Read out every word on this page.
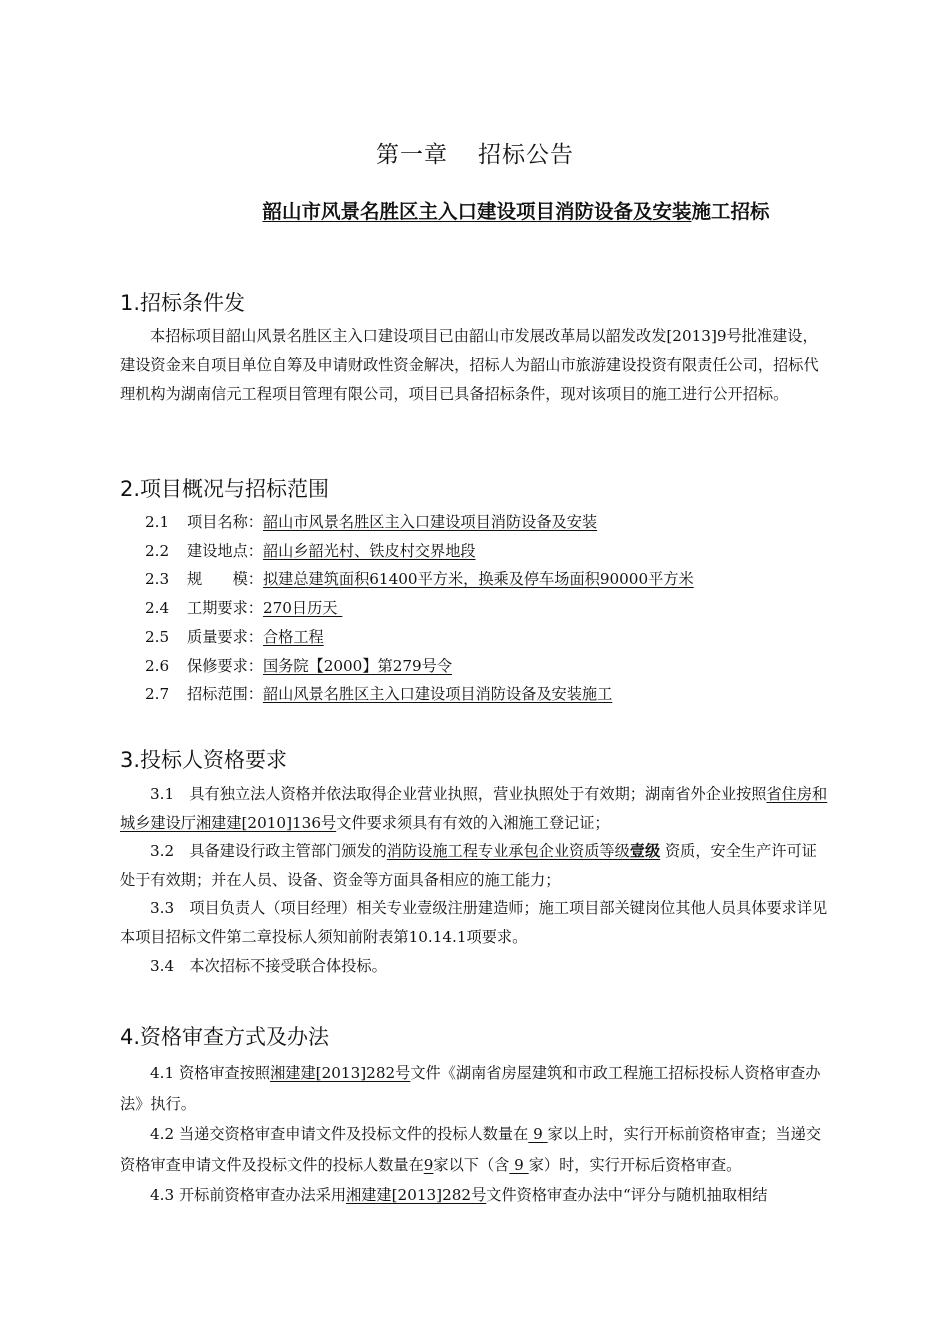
第一章 招标公告
韶山市风景名胜区主入口建设项目消防设备及安装施工招标
1.招标条件发
本招标项目韶山风景名胜区主入口建设项目已由韶山市发展改革局以韶发改发[2013]9号批准建设，建设资金来自项目单位自筹及申请财政性资金解决，招标人为韶山市旅游建设投资有限责任公司，招标代理机构为湖南信元工程项目管理有限公司，项目已具备招标条件，现对该项目的施工进行公开招标。
2.项目概况与招标范围
2.1 项目名称：韶山市风景名胜区主入口建设项目消防设备及安装
2.2 建设地点：韶山乡韶光村、铁皮村交界地段
2.3 规　　模：拟建总建筑面积61400平方米，换乘及停车场面积90000平方米
2.4 工期要求：270日历天
2.5 质量要求：合格工程
2.6 保修要求：国务院【2000】第279号令
2.7 招标范围：韶山风景名胜区主入口建设项目消防设备及安装施工
3.投标人资格要求
3.1　 具有独立法人资格并依法取得企业营业执照，营业执照处于有效期；湖南省外企业按照省住房和城乡建设厅湘建建[2010]136号文件要求须具有有效的入湘施工登记证；
3.2　 具备建设行政主管部门颁发的消防设施工程专业承包企业资质等级壹级 资质，安全生产许可证处于有效期；并在人员、设备、资金等方面具备相应的施工能力；
3.3　 项目负责人（项目经理）相关专业壹级注册建造师；施工项目部关键岗位其他人员具体要求详见本项目招标文件第二章投标人须知前附表第10.14.1项要求。
3.4　 本次招标不接受联合体投标。
4.资格审查方式及办法
4.1 资格审查按照湘建建[2013]282号文件《湖南省房屋建筑和市政工程施工招标投标人资格审查办法》执行。
4.2 当递交资格审查申请文件及投标文件的投标人数量在 9 家以上时，实行开标前资格审查；当递交资格审查申请文件及投标文件的投标人数量在9家以下（含 9 家）时，实行开标后资格审查。
4.3 开标前资格审查办法采用湘建建[2013]282号文件资格审查办法中“评分与随机抽取相结
